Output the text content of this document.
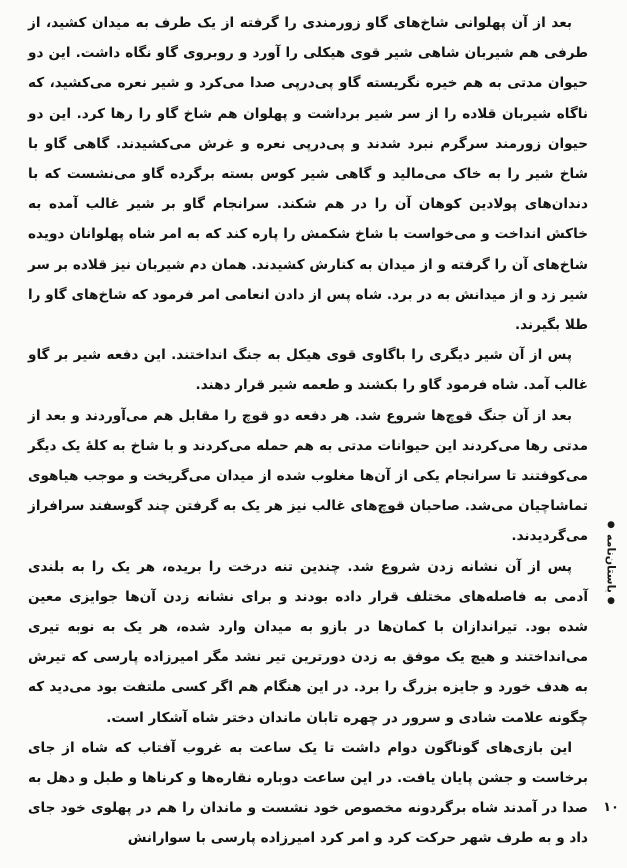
بعد از آن پهلوانی شاخ‌های گاو زورمندی را گرفته از یک طرف به میدان کشید، از طرفی هم شیربان شاهی شیر قوی هیکلی را آورد و روبروی گاو نگاه داشت. این دو حیوان مدتی به هم خیره نگریسته گاو پی‌درپی صدا می‌کرد و شیر نعره می‌کشید، که ناگاه شیربان قلاده را از سر شیر برداشت و پهلوان هم شاخ گاو را رها کرد. این دو حیوان زورمند سرگرم نبرد شدند و پی‌درپی نعره و غرش می‌کشیدند. گاهی گاو با شاخ شیر را به خاک می‌مالید و گاهی شیر کوس بسته برگرده گاو می‌نشست که با دندان‌های پولادین کوهان آن را در هم شکند. سرانجام گاو بر شیر غالب آمده به خاکش انداخت و می‌خواست با شاخ شکمش را پاره کند که به امر شاه پهلوانان دویده شاخ‌های آن را گرفته و از میدان به کنارش کشیدند. همان دم شیربان نیز قلاده بر سر شیر زد و از میدانش به در برد. شاه پس از دادن انعامی امر فرمود که شاخ‌های گاو را طلا بگیرند.

پس از آن شیر دیگری را باگاوی قوی هیکل به جنگ انداختند. این دفعه شیر بر گاو غالب آمد. شاه فرمود گاو را بکشند و طعمه شیر قرار دهند.

بعد از آن جنگ قوچ‌ها شروع شد. هر دفعه دو قوچ را مقابل هم می‌آوردند و بعد از مدتی رها می‌کردند این حیوانات مدتی به هم حمله می‌کردند و با شاخ به کلهٔ یک دیگر می‌کوفتند تا سرانجام یکی از آن‌ها مغلوب شده از میدان می‌گریخت و موجب هیاهوی تماشاچیان می‌شد. صاحبان قوچ‌های غالب نیز هر یک به گرفتن چند گوسفند سرافراز می‌گردیدند.

پس از آن نشانه زدن شروع شد. چندین تنه درخت را بریده، هر یک را به بلندی آدمی به فاصله‌های مختلف قرار داده بودند و برای نشانه زدن آن‌ها جوایزی معین شده بود. تیراندازان با کمان‌ها در بازو به میدان وارد شده، هر یک به نوبه تیری می‌انداختند و هیچ یک موفق به زدن دورترین تیر نشد مگر امیرزاده پارسی که تیرش به هدف خورد و جایزه بزرگ را برد. در این هنگام هم اگر کسی ملتفت بود می‌دید که چگونه علامت شادی و سرور در چهره تابان ماندان دختر شاه آشکار است.

این بازی‌های گوناگون دوام داشت تا یک ساعت به غروب آفتاب که شاه از جای برخاست و جشن پایان یافت. در این ساعت دوباره نقاره‌ها و کرناها و طبل و دهل به صدا در آمدند شاه برگردونه مخصوص خود نشست و ماندان را هم در پهلوی خود جای داد و به طرف شهر حرکت کرد و امر کرد امیرزاده پارسی با سوارانش

●
باستان‌نامه
●
۱۰
